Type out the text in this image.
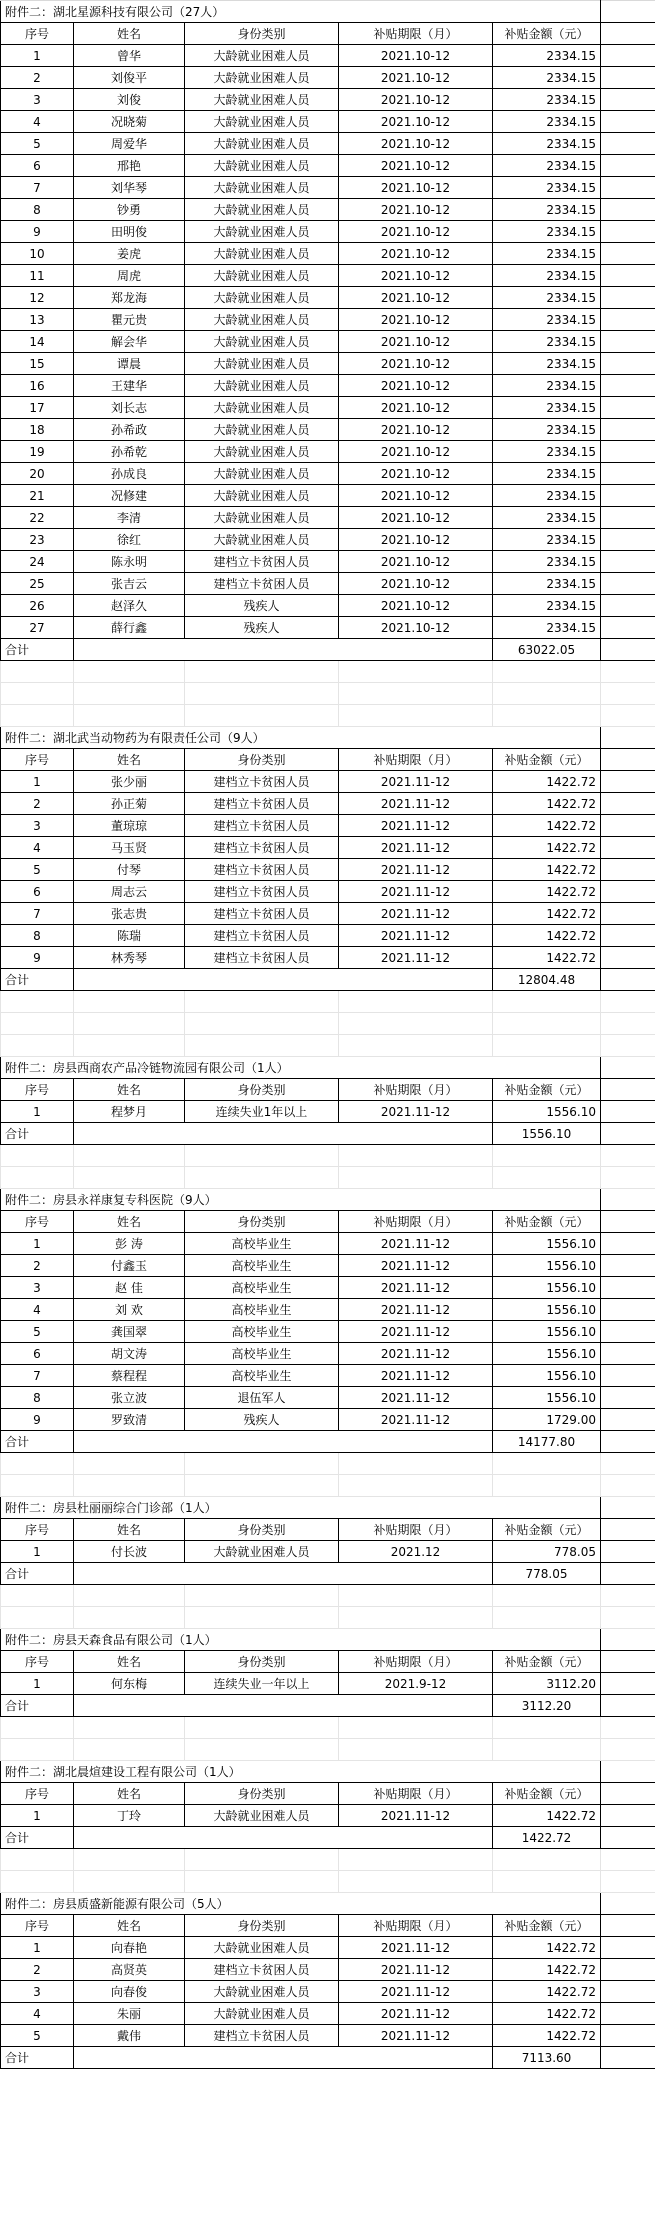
附件二：湖北星源科技有限公司（27人）					
序号	姓名	身份类别	补贴期限（月）	补贴金额（元）	
1	曾华	大龄就业困难人员	2021.10-12	2334.15	
2	刘俊平	大龄就业困难人员	2021.10-12	2334.15	
3	刘俊	大龄就业困难人员	2021.10-12	2334.15	
4	况晓菊	大龄就业困难人员	2021.10-12	2334.15	
5	周爱华	大龄就业困难人员	2021.10-12	2334.15	
6	邢艳	大龄就业困难人员	2021.10-12	2334.15	
7	刘华琴	大龄就业困难人员	2021.10-12	2334.15	
8	钞勇	大龄就业困难人员	2021.10-12	2334.15	
9	田明俊	大龄就业困难人员	2021.10-12	2334.15	
10	姜虎	大龄就业困难人员	2021.10-12	2334.15	
11	周虎	大龄就业困难人员	2021.10-12	2334.15	
12	郑龙海	大龄就业困难人员	2021.10-12	2334.15	
13	瞿元贵	大龄就业困难人员	2021.10-12	2334.15	
14	解会华	大龄就业困难人员	2021.10-12	2334.15	
15	谭晨	大龄就业困难人员	2021.10-12	2334.15	
16	王建华	大龄就业困难人员	2021.10-12	2334.15	
17	刘长志	大龄就业困难人员	2021.10-12	2334.15	
18	孙希政	大龄就业困难人员	2021.10-12	2334.15	
19	孙希乾	大龄就业困难人员	2021.10-12	2334.15	
20	孙成良	大龄就业困难人员	2021.10-12	2334.15	
21	况修建	大龄就业困难人员	2021.10-12	2334.15	
22	李清	大龄就业困难人员	2021.10-12	2334.15	
23	徐红	大龄就业困难人员	2021.10-12	2334.15	
24	陈永明	建档立卡贫困人员	2021.10-12	2334.15	
25	张吉云	建档立卡贫困人员	2021.10-12	2334.15	
26	赵泽久	残疾人	2021.10-12	2334.15	
27	薛行鑫	残疾人	2021.10-12	2334.15	
合计				63022.05	

附件二：湖北武当动物药为有限责任公司（9人）					
序号	姓名	身份类别	补贴期限（月）	补贴金额（元）	
1	张少丽	建档立卡贫困人员	2021.11-12	1422.72	
2	孙正菊	建档立卡贫困人员	2021.11-12	1422.72	
3	董琼琼	建档立卡贫困人员	2021.11-12	1422.72	
4	马玉贤	建档立卡贫困人员	2021.11-12	1422.72	
5	付琴	建档立卡贫困人员	2021.11-12	1422.72	
6	周志云	建档立卡贫困人员	2021.11-12	1422.72	
7	张志贵	建档立卡贫困人员	2021.11-12	1422.72	
8	陈瑞	建档立卡贫困人员	2021.11-12	1422.72	
9	林秀琴	建档立卡贫困人员	2021.11-12	1422.72	
合计				12804.48	

附件二：房县西商农产品冷链物流园有限公司（1人）					
序号	姓名	身份类别	补贴期限（月）	补贴金额（元）	
1	程梦月	连续失业1年以上	2021.11-12	1556.10	
合计				1556.10	

附件二：房县永祥康复专科医院（9人）					
序号	姓名	身份类别	补贴期限（月）	补贴金额（元）	
1	彭 涛	高校毕业生	2021.11-12	1556.10	
2	付鑫玉	高校毕业生	2021.11-12	1556.10	
3	赵 佳	高校毕业生	2021.11-12	1556.10	
4	刘 欢	高校毕业生	2021.11-12	1556.10	
5	龚国翠	高校毕业生	2021.11-12	1556.10	
6	胡文涛	高校毕业生	2021.11-12	1556.10	
7	蔡程程	高校毕业生	2021.11-12	1556.10	
8	张立波	退伍军人	2021.11-12	1556.10	
9	罗致清	残疾人	2021.11-12	1729.00	
合计				14177.80	

附件二：房县杜丽丽综合门诊部（1人）					
序号	姓名	身份类别	补贴期限（月）	补贴金额（元）	
1	付长波	大龄就业困难人员	2021.12	778.05	
合计				778.05	

附件二：房县天森食品有限公司（1人）					
序号	姓名	身份类别	补贴期限（月）	补贴金额（元）	
1	何东梅	连续失业一年以上	2021.9-12	3112.20	
合计				3112.20	

附件二：湖北晨煊建设工程有限公司（1人）					
序号	姓名	身份类别	补贴期限（月）	补贴金额（元）	
1	丁玲	大龄就业困难人员	2021.11-12	1422.72	
合计				1422.72	

附件二：房县质盛新能源有限公司（5人）					
序号	姓名	身份类别	补贴期限（月）	补贴金额（元）	
1	向春艳	大龄就业困难人员	2021.11-12	1422.72	
2	高贤英	建档立卡贫困人员	2021.11-12	1422.72	
3	向春俊	大龄就业困难人员	2021.11-12	1422.72	
4	朱丽	大龄就业困难人员	2021.11-12	1422.72	
5	戴伟	建档立卡贫困人员	2021.11-12	1422.72	
合计				7113.60	
